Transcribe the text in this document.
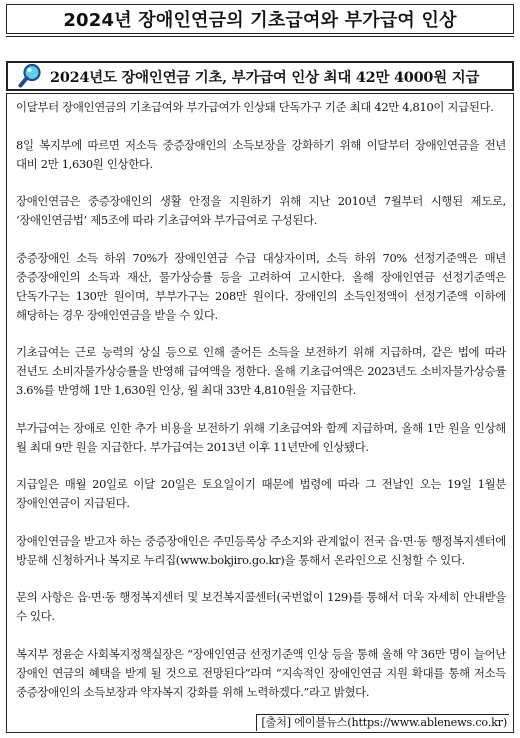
2024년 장애인연금의 기초급여와 부가급여 인상
2024년도 장애인연금 기초, 부가급여 인상 최대 42만 4000원 지급

이달부터 장애인연금의 기초급여와 부가급여가 인상돼 단독가구 기준 최대 42만 4,810이 지급된다.

8일 복지부에 따르면 저소득 중증장애인의 소득보장을 강화하기 위해 이달부터 장애인연금을 전년 대비 2만 1,630원 인상한다.

장애인연금은 중증장애인의 생활 안정을 지원하기 위해 지난 2010년 7월부터 시행된 제도로, ‘장애인연금법’ 제5조에 따라 기초급여와 부가급여로 구성된다.

중증장애인 소득 하위 70%가 장애인연금 수급 대상자이며, 소득 하위 70% 선정기준액은 매년 중증장애인의 소득과 재산, 물가상승률 등을 고려하여 고시한다. 올해 장애인연금 선정기준액은 단독가구는 130만 원이며, 부부가구는 208만 원이다. 장애인의 소득인정액이 선정기준액 이하에 해당하는 경우 장애인연금을 받을 수 있다.

기초급여는 근로 능력의 상실 등으로 인해 줄어든 소득을 보전하기 위해 지급하며, 같은 법에 따라 전년도 소비자물가상승률을 반영해 급여액을 정한다. 올해 기초급여액은 2023년도 소비자물가상승률 3.6%를 반영해 1만 1,630원 인상, 월 최대 33만 4,810원을 지급한다.

부가급여는 장애로 인한 추가 비용을 보전하기 위해 기초급여와 함께 지급하며, 올해 1만 원을 인상해 월 최대 9만 원을 지급한다. 부가급여는 2013년 이후 11년만에 인상됐다.

지급일은 매월 20일로 이달 20일은 토요일이기 때문에 법령에 따라 그 전날인 오는 19일 1월분 장애인연금이 지급된다.

장애인연금을 받고자 하는 중증장애인은 주민등록상 주소지와 관계없이 전국 읍·면·동 행정복지센터에 방문해 신청하거나 복지로 누리집(www.bokjiro.go.kr)을 통해서 온라인으로 신청할 수 있다.

문의 사항은 읍·면·동 행정복지센터 및 보건복지콜센터(국번없이 129)를 통해서 더욱 자세히 안내받을 수 있다.

복지부 정윤순 사회복지정책실장은 “장애인연금 선정기준액 인상 등을 통해 올해 약 36만 명이 늘어난 장애인 연금의 혜택을 받게 될 것으로 전망된다”라며 “지속적인 장애인연금 지원 확대를 통해 저소득 중증장애인의 소득보장과 약자복지 강화를 위해 노력하겠다.”라고 밝혔다.

[출처] 에이블뉴스(https://www.ablenews.co.kr)
